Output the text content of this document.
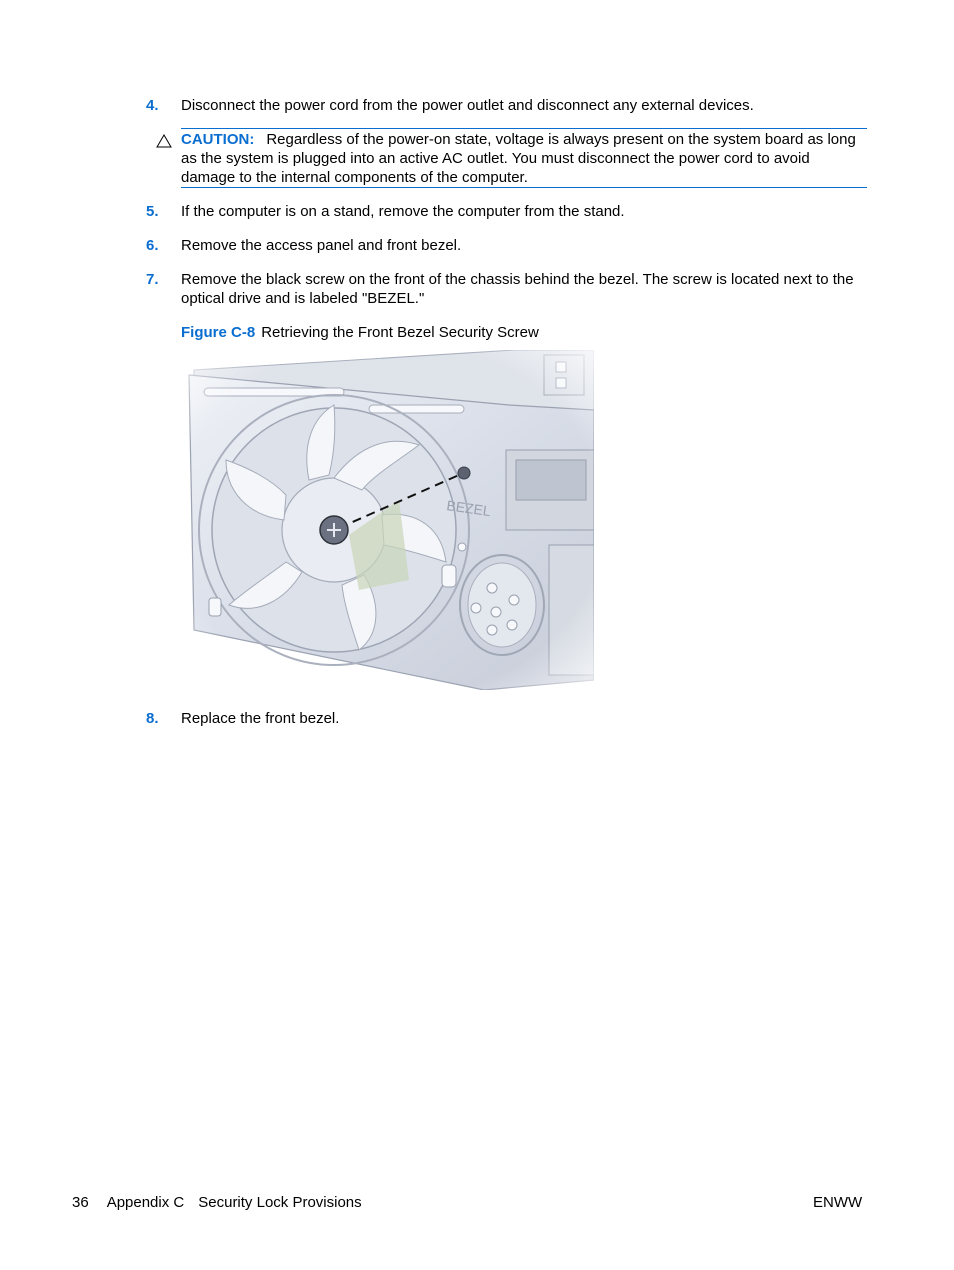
4. Disconnect the power cord from the power outlet and disconnect any external devices.
CAUTION: Regardless of the power-on state, voltage is always present on the system board as long as the system is plugged into an active AC outlet. You must disconnect the power cord to avoid damage to the internal components of the computer.
5. If the computer is on a stand, remove the computer from the stand.
6. Remove the access panel and front bezel.
7. Remove the black screw on the front of the chassis behind the bezel. The screw is located next to the optical drive and is labeled "BEZEL."
Figure C-8 Retrieving the Front Bezel Security Screw
8. Replace the front bezel.
36 Appendix C Security Lock Provisions	ENWW
